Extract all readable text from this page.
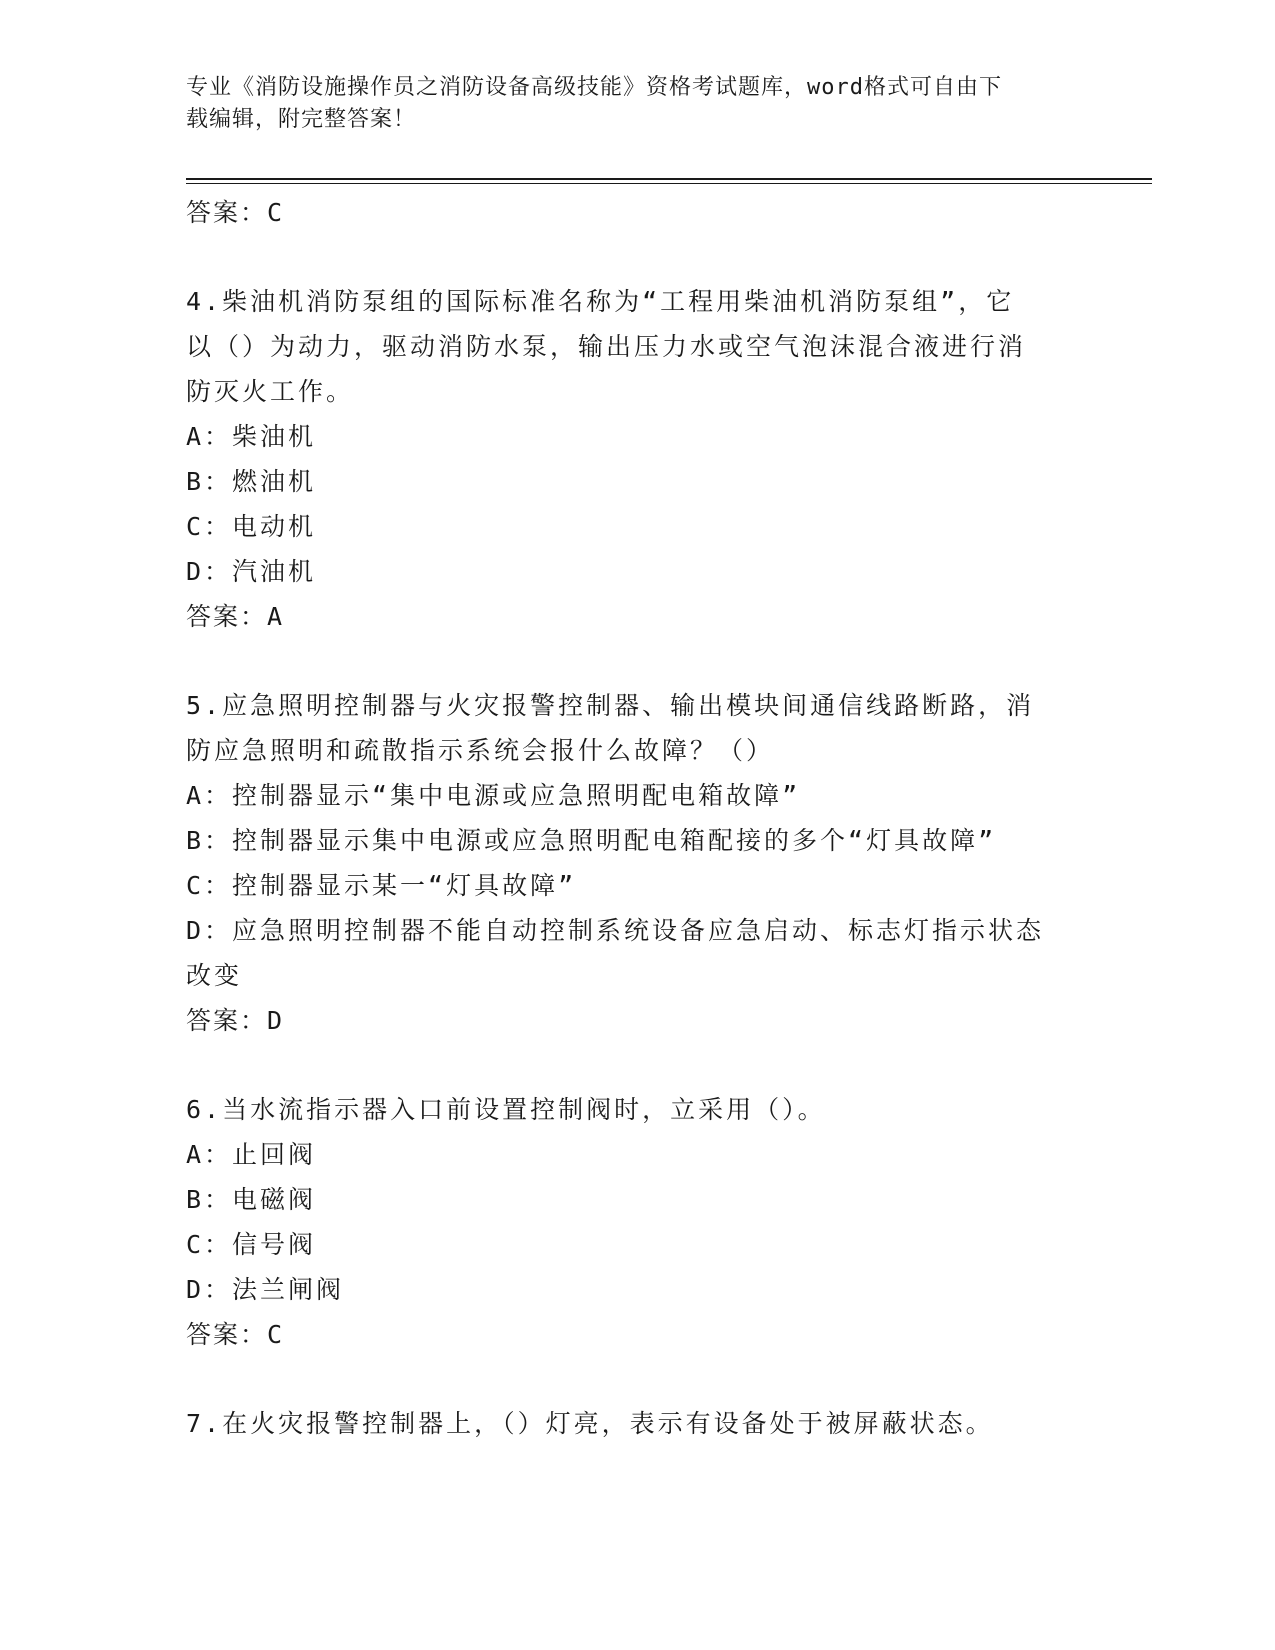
专业《消防设施操作员之消防设备高级技能》资格考试题库，word格式可自由下
载编辑，附完整答案！
答案：C
4.柴油机消防泵组的国际标准名称为“工程用柴油机消防泵组”，它
以（）为动力，驱动消防水泵，输出压力水或空气泡沫混合液进行消
防灭火工作。
A：柴油机
B：燃油机
C：电动机
D：汽油机
答案：A
5.应急照明控制器与火灾报警控制器、输出模块间通信线路断路，消
防应急照明和疏散指示系统会报什么故障？（）
A：控制器显示“集中电源或应急照明配电箱故障”
B：控制器显示集中电源或应急照明配电箱配接的多个“灯具故障”
C：控制器显示某一“灯具故障”
D：应急照明控制器不能自动控制系统设备应急启动、标志灯指示状态
改变
答案：D
6.当水流指示器入口前设置控制阀时，立采用（）。
A：止回阀
B：电磁阀
C：信号阀
D：法兰闸阀
答案：C
7.在火灾报警控制器上，（）灯亮，表示有设备处于被屏蔽状态。
